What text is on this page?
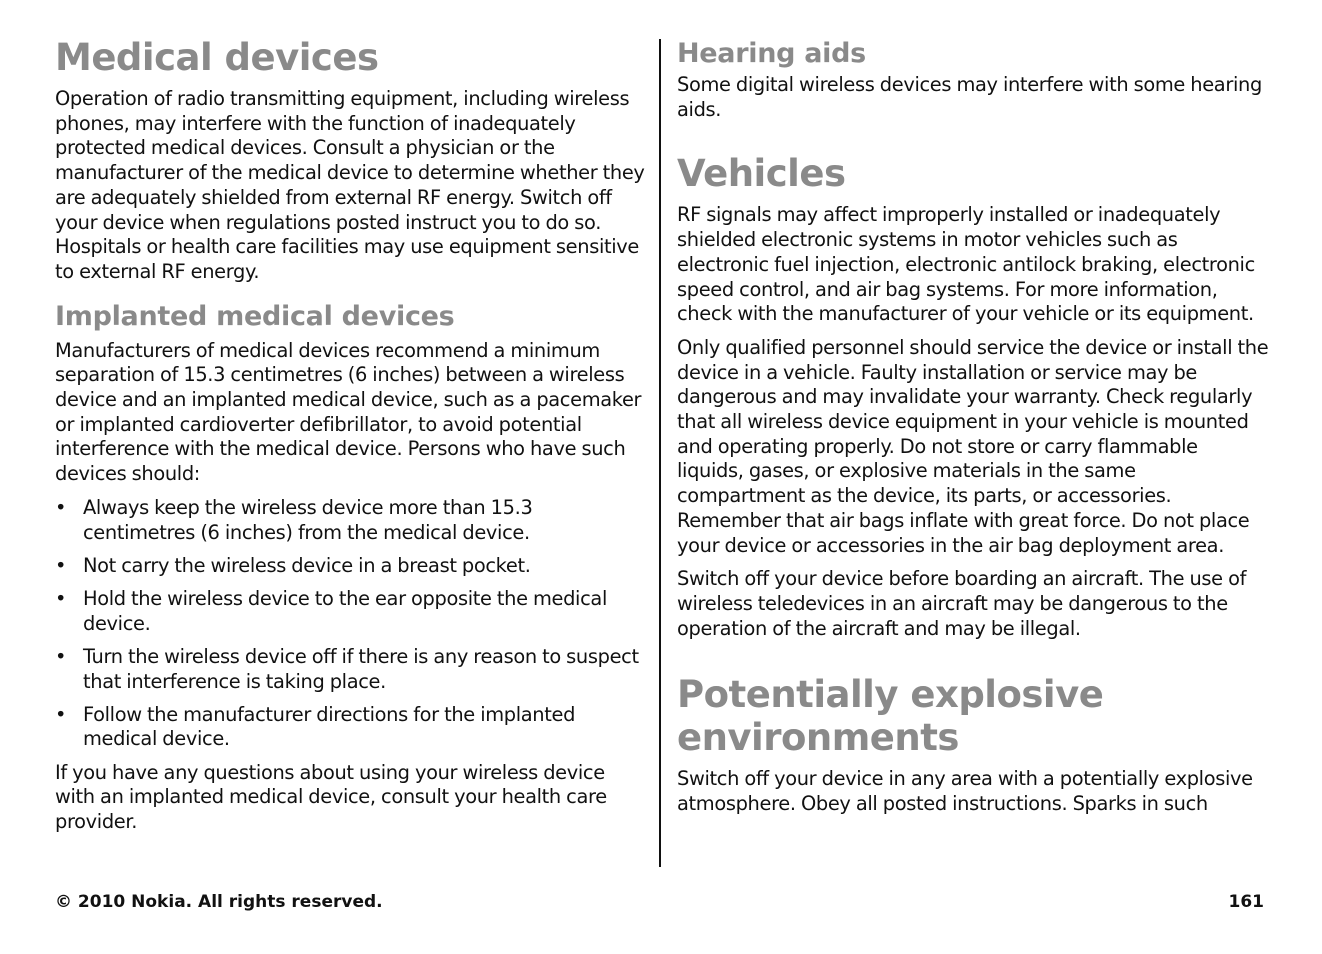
Medical devices

Operation of radio transmitting equipment, including wireless phones, may interfere with the function of inadequately protected medical devices. Consult a physician or the manufacturer of the medical device to determine whether they are adequately shielded from external RF energy. Switch off your device when regulations posted instruct you to do so. Hospitals or health care facilities may use equipment sensitive to external RF energy.

Implanted medical devices

Manufacturers of medical devices recommend a minimum separation of 15.3 centimetres (6 inches) between a wireless device and an implanted medical device, such as a pacemaker or implanted cardioverter defibrillator, to avoid potential interference with the medical device. Persons who have such devices should:

• Always keep the wireless device more than 15.3 centimetres (6 inches) from the medical device.
• Not carry the wireless device in a breast pocket.
• Hold the wireless device to the ear opposite the medical device.
• Turn the wireless device off if there is any reason to suspect that interference is taking place.
• Follow the manufacturer directions for the implanted medical device.

If you have any questions about using your wireless device with an implanted medical device, consult your health care provider.

Hearing aids

Some digital wireless devices may interfere with some hearing aids.

Vehicles

RF signals may affect improperly installed or inadequately shielded electronic systems in motor vehicles such as electronic fuel injection, electronic antilock braking, electronic speed control, and air bag systems. For more information, check with the manufacturer of your vehicle or its equipment.

Only qualified personnel should service the device or install the device in a vehicle. Faulty installation or service may be dangerous and may invalidate your warranty. Check regularly that all wireless device equipment in your vehicle is mounted and operating properly. Do not store or carry flammable liquids, gases, or explosive materials in the same compartment as the device, its parts, or accessories. Remember that air bags inflate with great force. Do not place your device or accessories in the air bag deployment area.

Switch off your device before boarding an aircraft. The use of wireless teledevices in an aircraft may be dangerous to the operation of the aircraft and may be illegal.

Potentially explosive environments

Switch off your device in any area with a potentially explosive atmosphere. Obey all posted instructions. Sparks in such

© 2010 Nokia. All rights reserved.	161
